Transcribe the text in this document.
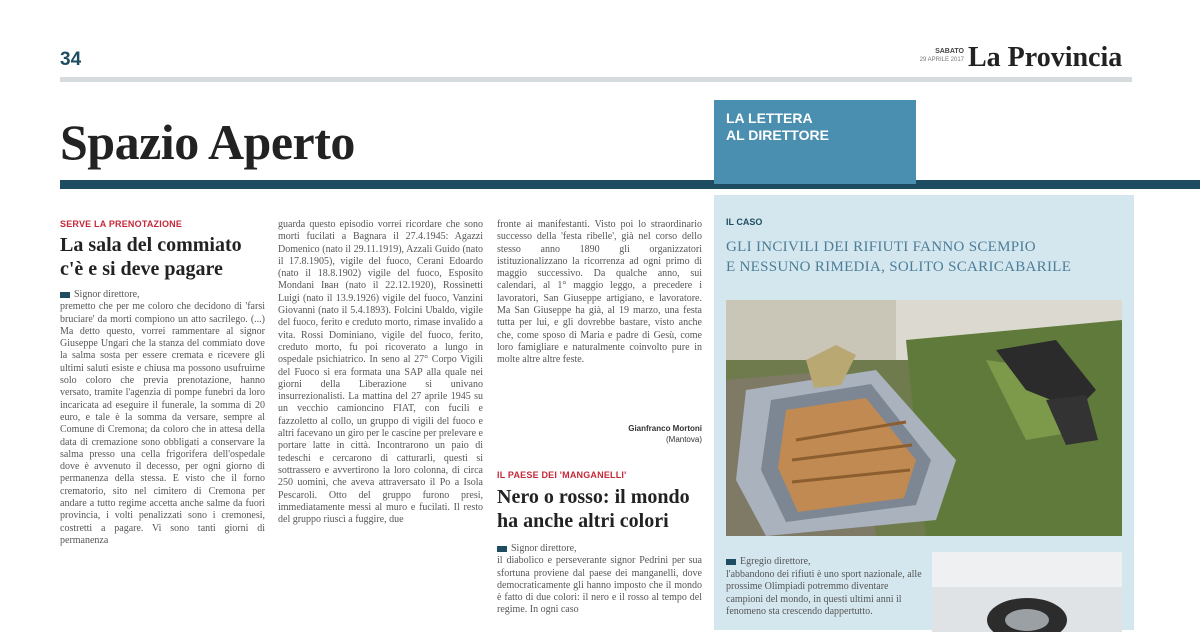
34	SABATO
29 APRILE 2017 La Provincia
Spazio Aperto	LA LETTERA
AL DIRETTORE
SERVE LA PRENOTAZIONE
La sala del commiato
c'è e si deve pagare
Signor direttore,
premetto che per me coloro che decidono di 'farsi bruciare' da morti compiono un atto sacrilego. (...) Ma detto questo, vorrei rammentare al signor Giuseppe Ungari che la stanza del commiato dove la salma sosta per essere cremata e ricevere gli ultimi saluti esiste e chiusa ma possono usufruirne solo coloro che previa prenotazione, hanno versato, tramite l'agenzia di pompe funebri da loro incaricata ad eseguire il funerale, la somma di 20 euro, e tale è la somma da versare, sempre al Comune di Cremona; da coloro che in attesa della data di cremazione sono obbligati a conservare la salma presso una cella frigorifera dell'ospedale dove è avvenuto il decesso, per ogni giorno di permanenza della stessa. E visto che il forno crematorio, sito nel cimitero di Cremona per andare a tutto regime accetta anche salme da fuori provincia, i volti penalizzati sono i cremonesi, costretti a pagare. Vi sono tanti giorni di permanenza
guarda questo episodio vorrei ricordare che sono morti fucilati a Bagnara il 27.4.1945: Agazzi Domenico (nato il 29.11.1919), Azzali Guido (nato il 17.8.1905), vigile del fuoco, Cerani Edoardo (nato il 18.8.1902) vigile del fuoco, Esposito Mondani Iван (nato il 22.12.1920), Rossinetti Luigi (nato il 13.9.1926) vigile del fuoco, Vanzini Giovanni (nato il 5.4.1893). Folcini Ubaldo, vigile del fuoco, ferito e creduto morto, rimase invalido a vita. Rossi Dominiano, vigile del fuoco, ferito, creduto morto, fu poi ricoverato a lungo in ospedale psichiatrico. In seno al 27° Corpo Vigili del Fuoco si era formata una SAP alla quale nei giorni della Liberazione si univano insurrezionalisti. La mattina del 27 aprile 1945 su un vecchio camioncino FIAT, con fucili e fazzoletto al collo, un gruppo di vigili del fuoco e altri facevano un giro per le cascine per prelevare e portare latte in città. Incontrarono un paio di tedeschi e cercarono di catturarli, questi si sottrassero e avvertirono la loro colonna, di circa 250 uomini, che aveva attraversato il Po a Isola Pescaroli. Otto del gruppo furono presi, immediatamente messi al muro e fucilati. Il resto del gruppo riuscì a fuggire, due
fronte ai manifestanti. Visto poi lo straordinario successo della 'festa ribelle', già nel corso dello stesso anno 1890 gli organizzatori istituzionalizzano la ricorrenza ad ogni primo di maggio successivo. Da qualche anno, sui calendari, al 1° maggio leggo, a precedere i lavoratori, San Giuseppe artigiano, e lavoratore. Ma San Giuseppe ha già, al 19 marzo, una festa tutta per lui, e gli dovrebbe bastare, visto anche che, come sposo di Maria e padre di Gesù, come loro famigliare e naturalmente coinvolto pure in molte altre altre feste.
Gianfranco Mortoni
(Mantova)
IL PAESE DEI 'MANGANELLI'
Nero o rosso: il mondo
ha anche altri colori
Signor direttore,
il diabolico e perseverante signor Pedrini per sua sfortuna proviene dal paese dei manganelli, dove democraticamente gli hanno imposto che il mondo è fatto di due colori: il nero e il rosso al tempo del regime. In ogni caso
IL CASO
GLI INCIVILI DEI RIFIUTI FANNO SCEMPIO
E NESSUNO RIMEDIA, SOLITO SCARICABARILE
Egregio direttore,
l'abbandono dei rifiuti è uno sport nazionale, alle prossime Olimpiadi potremmo diventare campioni del mondo, in questi ultimi anni il fenomeno sta crescendo dappertutto.
